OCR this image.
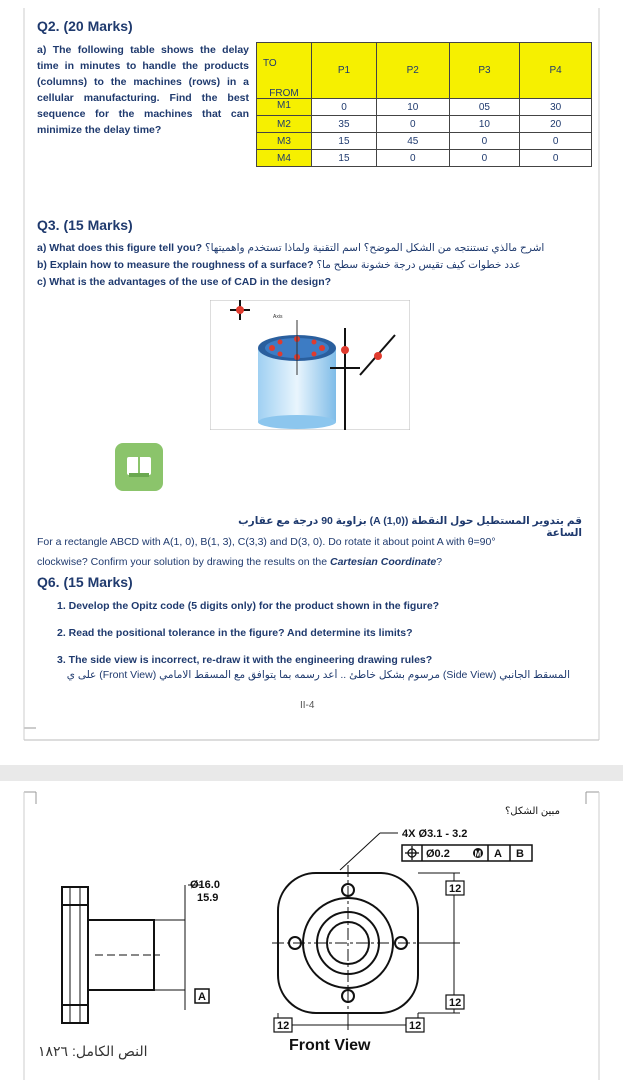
Q2. (20 Marks)
a) The following table shows the delay time in minutes to handle the products (columns) to the machines (rows) in a cellular manufacturing. Find the best sequence for the machines that can minimize the delay time?
TO	P1	P2	P3	P4

FROM
M1	0	10	05	30
M2	35	0	10	20
M3	15	45	0	0
M4	15	0	0	0
Q3. (15 Marks)
a) What does this figure tell you? اشرح مالذي تستنتجه من الشكل الموضح؟ اسم التقنية ولماذا تستخدم واهميتها؟
b) Explain how to measure the roughness of a surface? عدد خطوات كيف تقيس درجة خشونة سطح ما؟
c) What is the advantages of the use of CAD in the design?
Axis
قم بتدوير المستطيل حول النقطة (A (1,0)) بزاوية 90 درجة مع عقارب الساعة
For a rectangle ABCD with A(1, 0), B(1, 3), C(3,3) and D(3, 0). Do rotate it about point A with θ=90°
clockwise? Confirm your solution by drawing the results on the Cartesian Coordinate?
Q6. (15 Marks)
1. Develop the Opitz code (5 digits only) for the product shown in the figure?
2. Read the positional tolerance in the figure? And determine its limits?
3. The side view is incorrect, re-draw it with the engineering drawing rules?
المسقط الجانبي (Side View) مرسوم بشكل خاطئ .. أعد رسمه بما يتوافق مع المسقط الامامي (Front View) على ي
II-4
مبين الشكل؟
Ø16.0
15.9
A
4X Ø3.1 - 3.2
Ø0.2	M A B
12
12
12	12
Front View
النص الكامل: ١٨٢٦
